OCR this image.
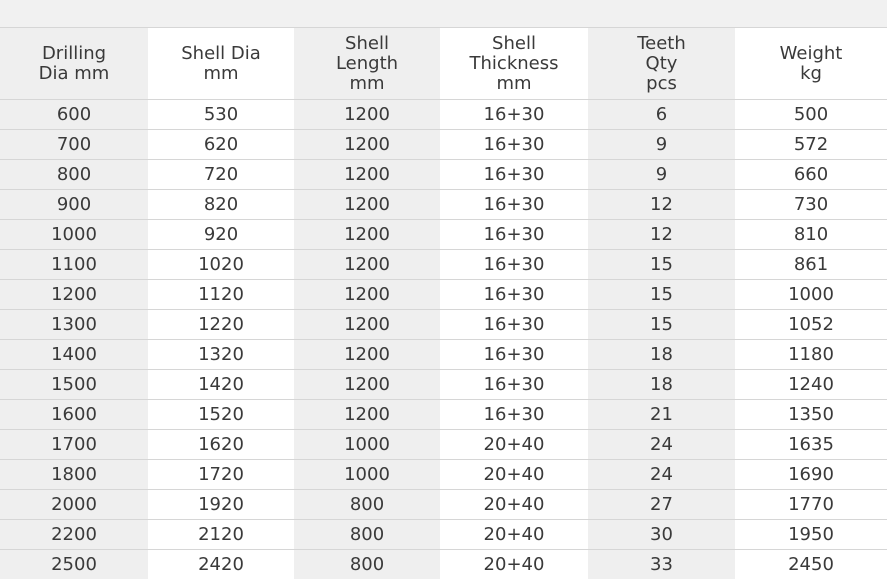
Drilling
Dia mm	Shell Dia
mm	Shell
Length
mm	Shell
Thickness
mm	Teeth
Qty
pcs	Weight
kg
600	530	1200	16+30	6	500
700	620	1200	16+30	9	572
800	720	1200	16+30	9	660
900	820	1200	16+30	12	730
1000	920	1200	16+30	12	810
1100	1020	1200	16+30	15	861
1200	1120	1200	16+30	15	1000
1300	1220	1200	16+30	15	1052
1400	1320	1200	16+30	18	1180
1500	1420	1200	16+30	18	1240
1600	1520	1200	16+30	21	1350
1700	1620	1000	20+40	24	1635
1800	1720	1000	20+40	24	1690
2000	1920	800	20+40	27	1770
2200	2120	800	20+40	30	1950
2500	2420	800	20+40	33	2450
